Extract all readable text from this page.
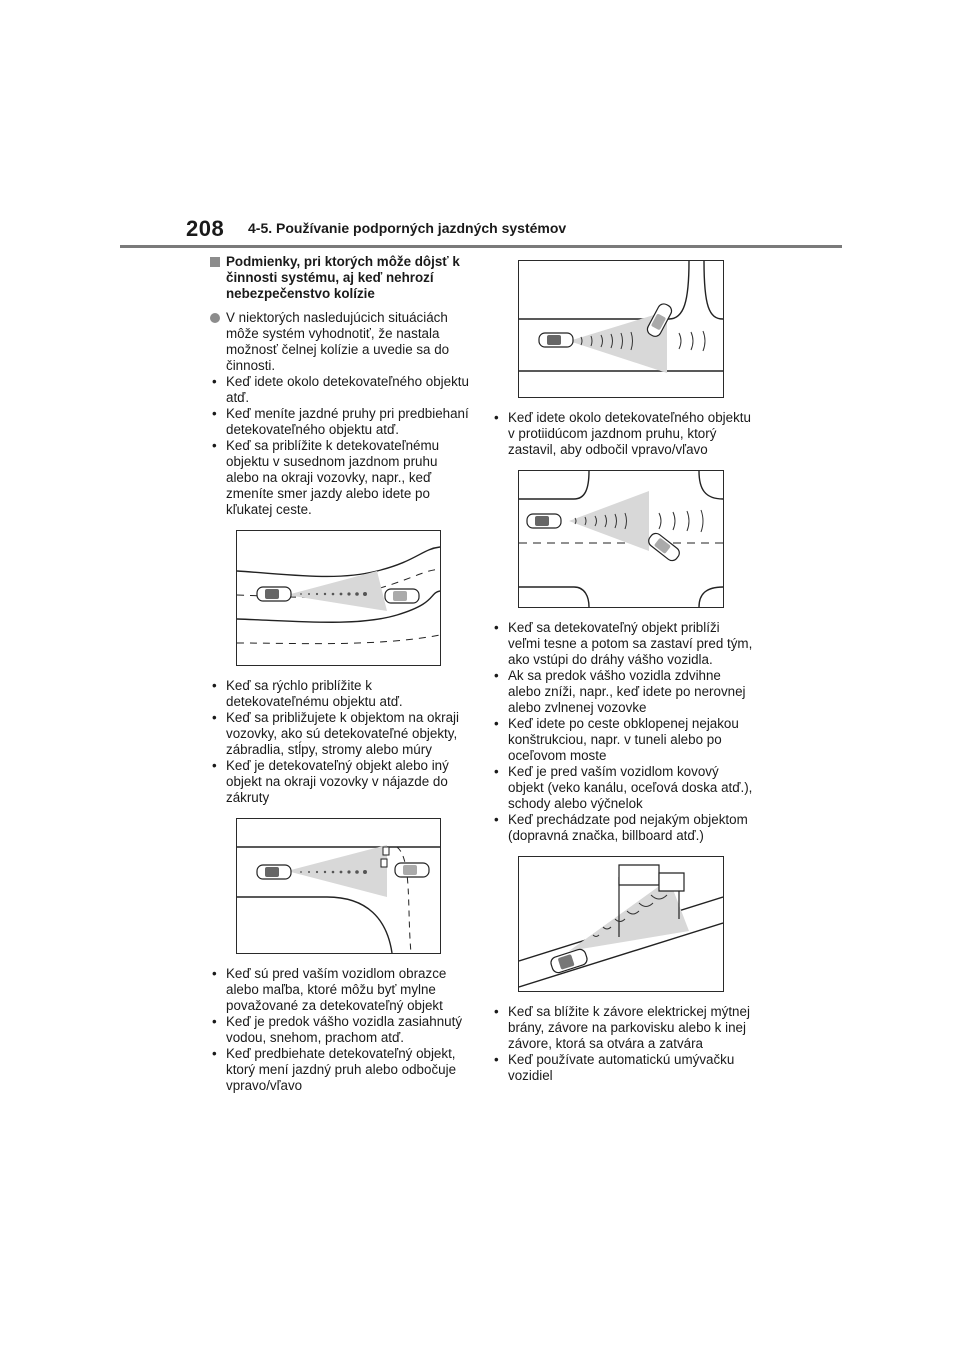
208 4-5. Používanie podporných jazdných systémov
Podmienky, pri ktorých môže dôjsť k činnosti systému, aj keď nehrozí nebezpečenstvo kolízie

V niektorých nasledujúcich situáciách môže systém vyhodnotiť, že nastala možnosť čelnej kolízie a uvedie sa do činnosti.

• Keď idete okolo detekovateľného objektu atď.
• Keď meníte jazdné pruhy pri predbiehaní detekovateľného objektu atď.
• Keď sa priblížite k detekovateľnému objektu v susednom jazdnom pruhu alebo na okraji vozovky, napr., keď zmeníte smer jazdy alebo idete po kľukatej ceste.
• Keď sa rýchlo priblížite k detekovateľnému objektu atď.
• Keď sa približujete k objektom na okraji vozovky, ako sú detekovateľné objekty, zábradlia, stĺpy, stromy alebo múry
• Keď je detekovateľný objekt alebo iný objekt na okraji vozovky v nájazde do zákruty
• Keď sú pred vaším vozidlom obrazce alebo maľba, ktoré môžu byť mylne považované za detekovateľný objekt
• Keď je predok vášho vozidla zasiahnutý vodou, snehom, prachom atď.
• Keď predbiehate detekovateľný objekt, ktorý mení jazdný pruh alebo odbočuje vpravo/vľavo
• Keď idete okolo detekovateľného objektu v protiidúcom jazdnom pruhu, ktorý zastavil, aby odbočil vpravo/vľavo
• Keď sa detekovateľný objekt priblíži veľmi tesne a potom sa zastaví pred tým, ako vstúpi do dráhy vášho vozidla.
• Ak sa predok vášho vozidla zdvihne alebo zníži, napr., keď idete po nerovnej alebo zvlnenej vozovke
• Keď idete po ceste obklopenej nejakou konštrukciou, napr. v tuneli alebo po oceľovom moste
• Keď je pred vaším vozidlom kovový objekt (veko kanálu, oceľová doska atď.), schody alebo výčnelok
• Keď prechádzate pod nejakým objektom (dopravná značka, billboard atď.)
• Keď sa blížite k závore elektrickej mýtnej brány, závore na parkovisku alebo k inej závore, ktorá sa otvára a zatvára
• Keď používate automatickú umývačku vozidiel
